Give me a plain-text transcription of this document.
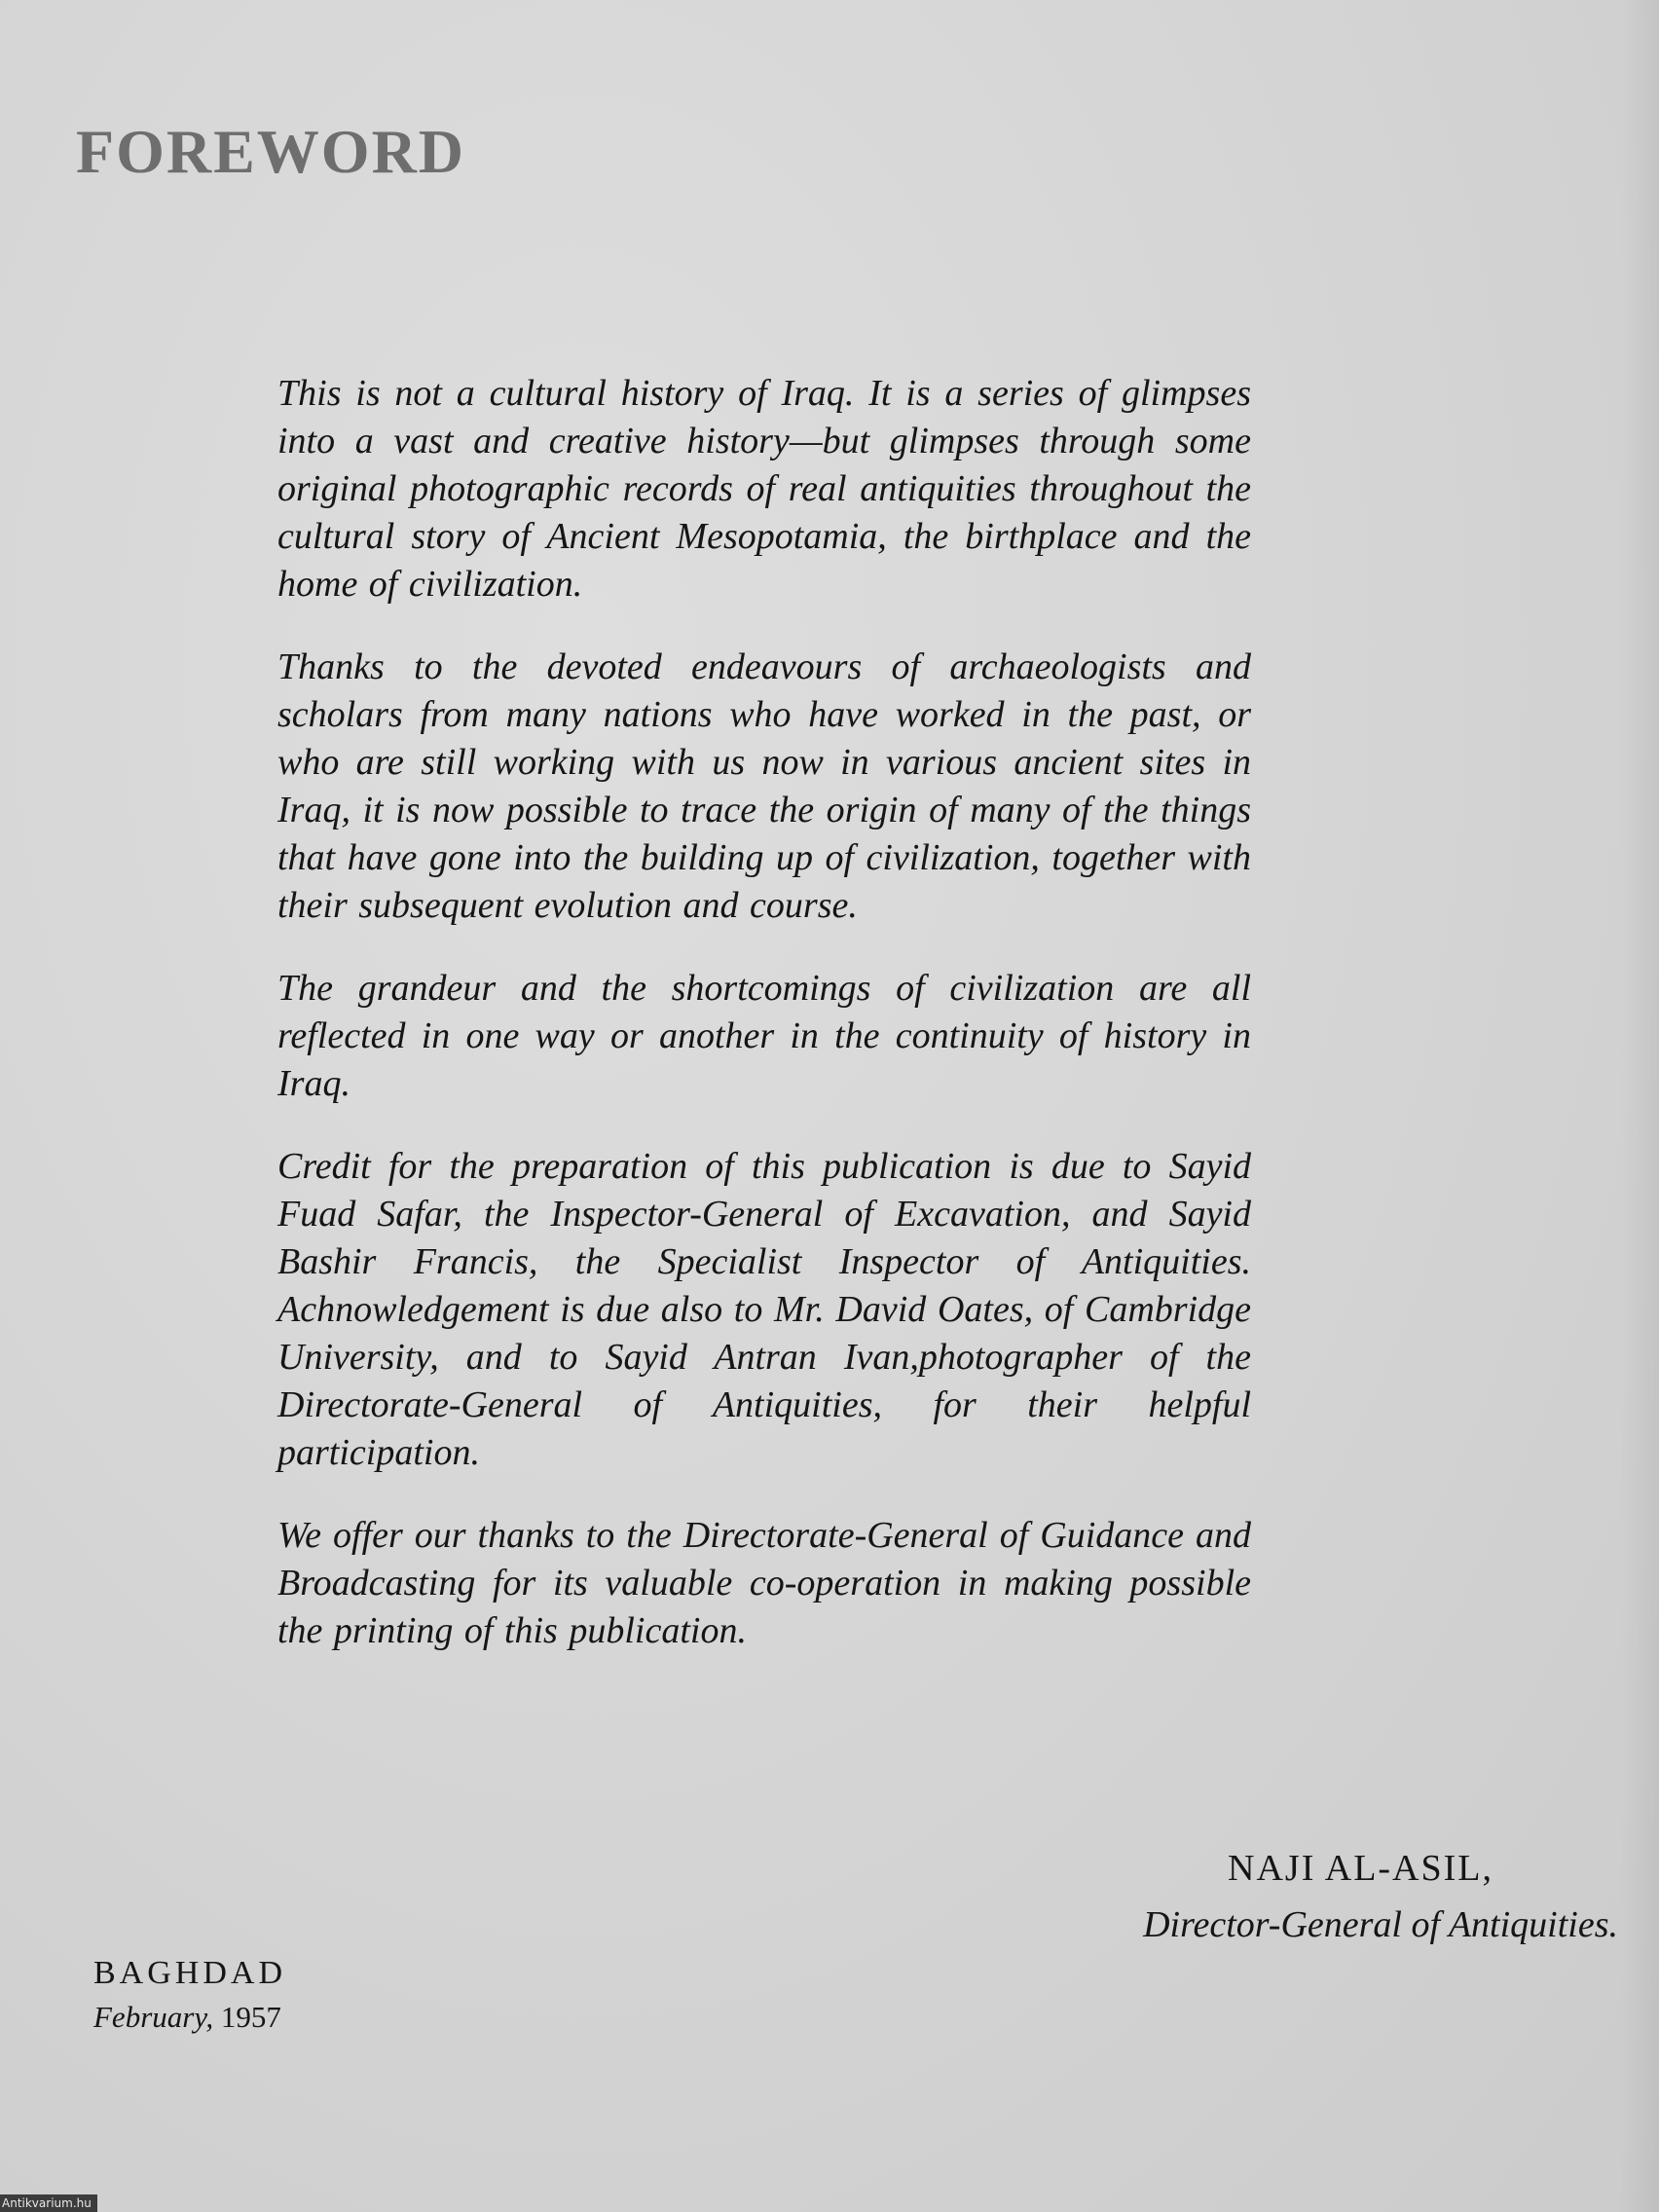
FOREWORD

This is not a cultural history of Iraq. It is a series of glimpses into a vast and creative history—but glimpses through some original photographic records of real antiquities throughout the cultural story of Ancient Mesopotamia, the birthplace and the home of civilization.

Thanks to the devoted endeavours of archaeologists and scholars from many nations who have worked in the past, or who are still working with us now in various ancient sites in Iraq, it is now possible to trace the origin of many of the things that have gone into the building up of civilization, together with their subsequent evolution and course.

The grandeur and the shortcomings of civilization are all reflected in one way or another in the continuity of history in Iraq.

Credit for the preparation of this publication is due to Sayid Fuad Safar, the Inspector-General of Excavation, and Sayid Bashir Francis, the Specialist Inspector of Antiquities. Achnowledgement is due also to Mr. David Oates, of Cambridge University, and to Sayid Antran Ivan,photographer of the Directorate-General of Antiquities, for their helpful participation.

We offer our thanks to the Directorate-General of Guidance and Broadcasting for its valuable co-operation in making possible the printing of this publication.

NAJI AL-ASIL,
Director-General of Antiquities.
BAGHDAD
February, 1957
Antikvarium.hu
